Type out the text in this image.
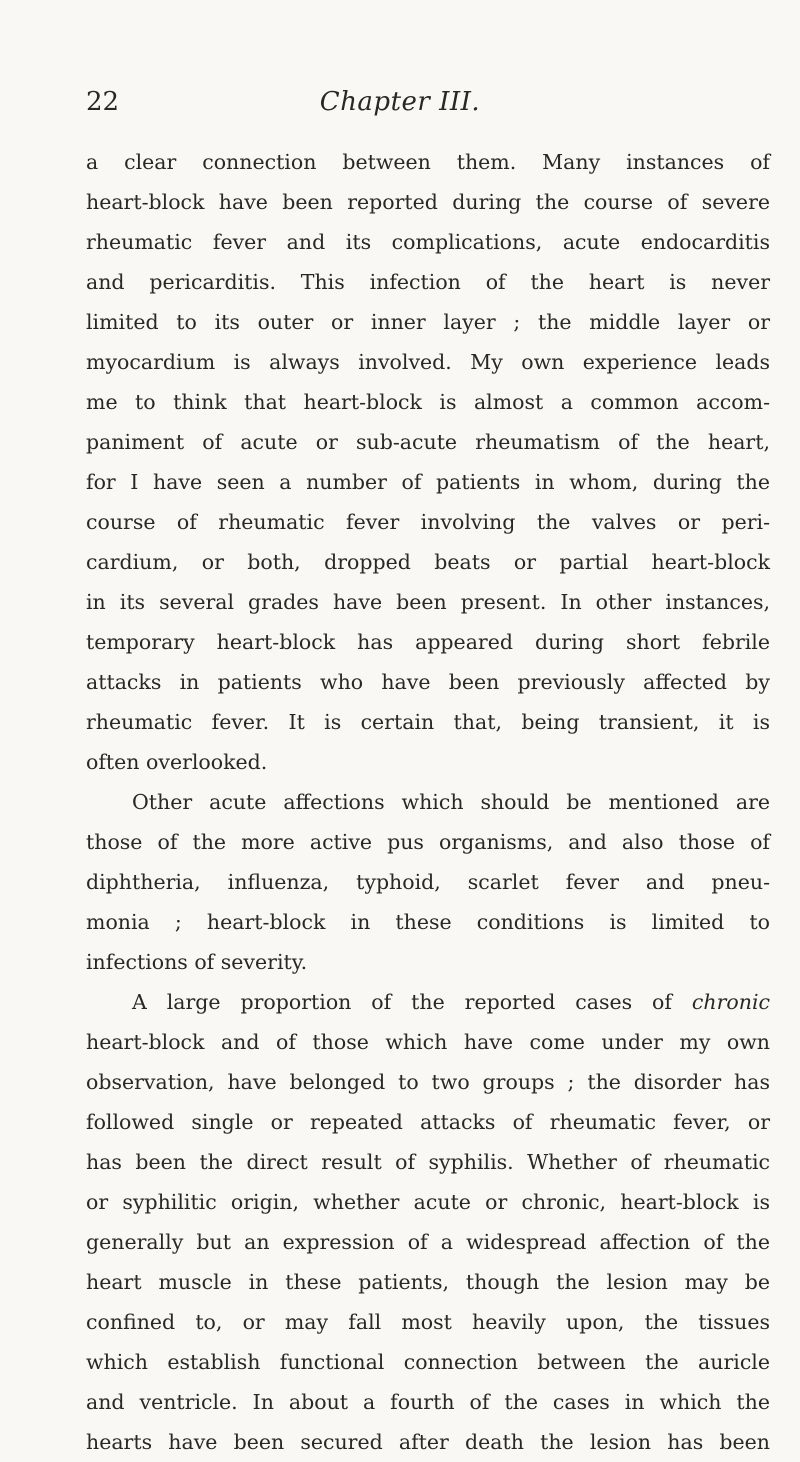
22	Chapter III.
a clear connection between them. Many instances of
heart-block have been reported during the course of severe
rheumatic fever and its complications, acute endocarditis
and pericarditis. This infection of the heart is never
limited to its outer or inner layer ; the middle layer or
myocardium is always involved. My own experience leads
me to think that heart-block is almost a common accom-
paniment of acute or sub-acute rheumatism of the heart,
for I have seen a number of patients in whom, during the
course of rheumatic fever involving the valves or peri-
cardium, or both, dropped beats or partial heart-block
in its several grades have been present. In other instances,
temporary heart-block has appeared during short febrile
attacks in patients who have been previously affected by
rheumatic fever. It is certain that, being transient, it is
often overlooked.
Other acute affections which should be mentioned are
those of the more active pus organisms, and also those of
diphtheria, influenza, typhoid, scarlet fever and pneu-
monia ; heart-block in these conditions is limited to
infections of severity.
A large proportion of the reported cases of chronic
heart-block and of those which have come under my own
observation, have belonged to two groups ; the disorder has
followed single or repeated attacks of rheumatic fever, or
has been the direct result of syphilis. Whether of rheumatic
or syphilitic origin, whether acute or chronic, heart-block is
generally but an expression of a widespread affection of the
heart muscle in these patients, though the lesion may be
confined to, or may fall most heavily upon, the tissues
which establish functional connection between the auricle
and ventricle. In about a fourth of the cases in which the
hearts have been secured after death the lesion has been
